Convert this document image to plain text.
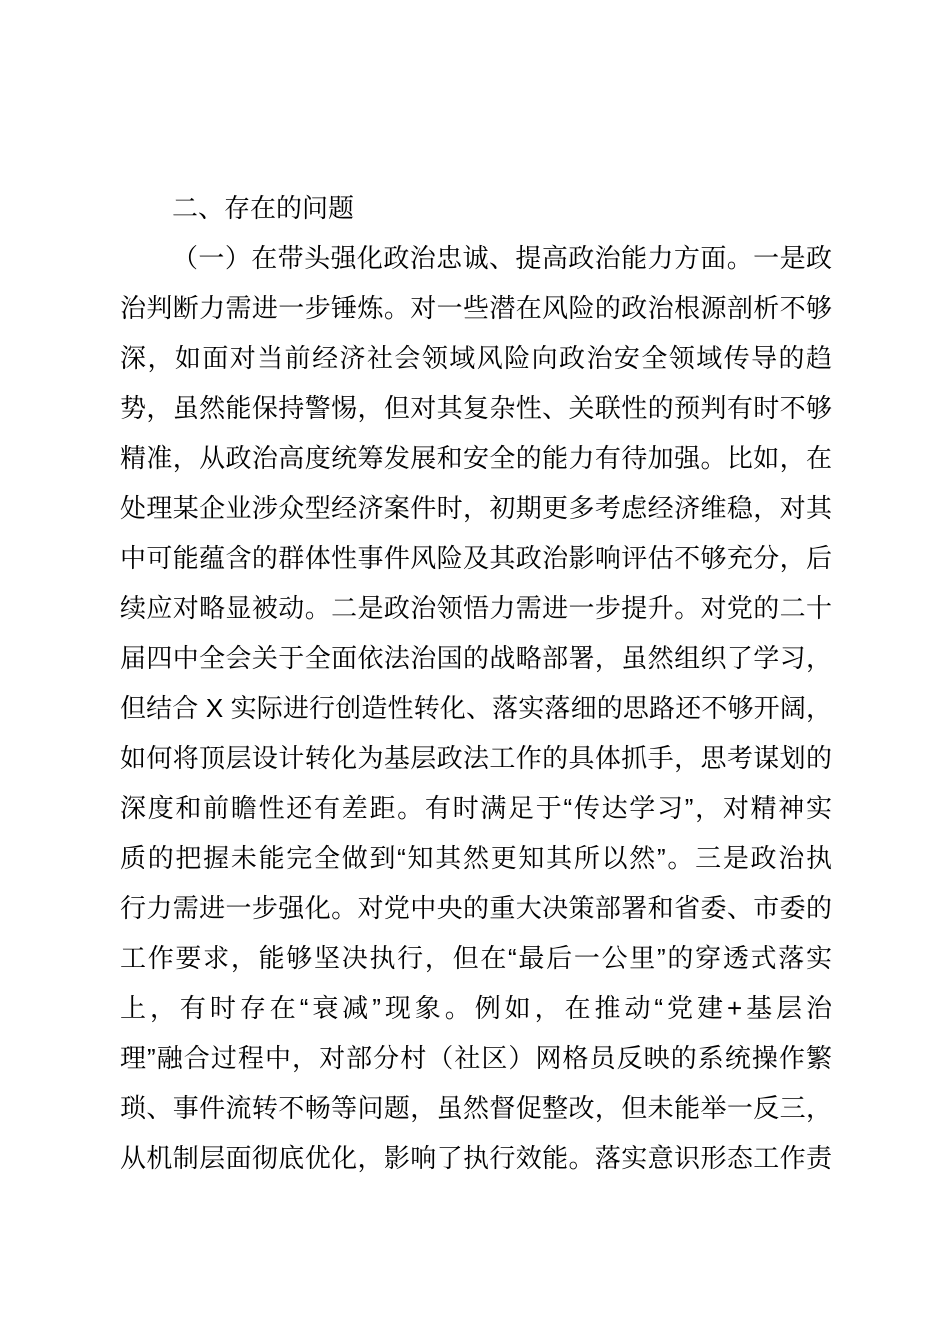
二、存在的问题
（一）在带头强化政治忠诚、提高政治能力方面。一是政
治判断力需进一步锤炼。对一些潜在风险的政治根源剖析不够
深，如面对当前经济社会领域风险向政治安全领域传导的趋
势，虽然能保持警惕，但对其复杂性、关联性的预判有时不够
精准，从政治高度统筹发展和安全的能力有待加强。比如，在
处理某企业涉众型经济案件时，初期更多考虑经济维稳，对其
中可能蕴含的群体性事件风险及其政治影响评估不够充分，后
续应对略显被动。二是政治领悟力需进一步提升。对党的二十
届四中全会关于全面依法治国的战略部署，虽然组织了学习，
但结合 X 实际进行创造性转化、落实落细的思路还不够开阔，
如何将顶层设计转化为基层政法工作的具体抓手，思考谋划的
深度和前瞻性还有差距。有时满足于“传达学习”，对精神实
质的把握未能完全做到“知其然更知其所以然”。三是政治执
行力需进一步强化。对党中央的重大决策部署和省委、市委的
工作要求，能够坚决执行，但在“最后一公里”的穿透式落实
上，有时存在“衰减”现象。例如，在推动“党建+基层治
理”融合过程中，对部分村（社区）网格员反映的系统操作繁
琐、事件流转不畅等问题，虽然督促整改，但未能举一反三，
从机制层面彻底优化，影响了执行效能。落实意识形态工作责
